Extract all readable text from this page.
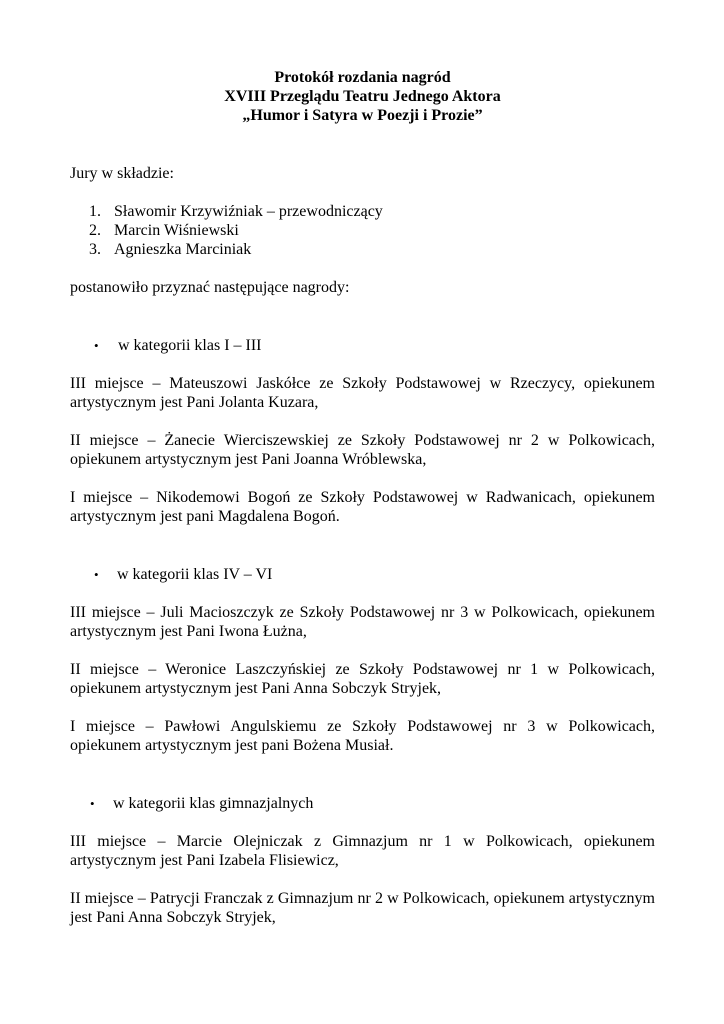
Protokół rozdania nagród
XVIII Przeglądu Teatru Jednego Aktora
„Humor i Satyra w Poezji i Prozie”
Jury w składzie:
1. Sławomir Krzywiźniak – przewodniczący
2. Marcin Wiśniewski
3. Agnieszka Marciniak
postanowiło przyznać następujące nagrody:
• w kategorii klas I – III
III miejsce – Mateuszowi Jaskółce ze Szkoły Podstawowej w Rzeczycy, opiekunem artystycznym jest Pani Jolanta Kuzara,
II miejsce – Żanecie Wierciszewskiej ze Szkoły Podstawowej nr 2 w Polkowicach, opiekunem artystycznym jest Pani Joanna Wróblewska,
I miejsce – Nikodemowi Bogoń ze Szkoły Podstawowej w Radwanicach, opiekunem artystycznym jest pani Magdalena Bogoń.
• w kategorii klas IV – VI
III miejsce – Juli Macioszczyk ze Szkoły Podstawowej nr 3 w Polkowicach, opiekunem artystycznym jest Pani Iwona Łużna,
II miejsce – Weronice Laszczyńskiej ze Szkoły Podstawowej nr 1 w Polkowicach, opiekunem artystycznym jest Pani Anna Sobczyk Stryjek,
I miejsce – Pawłowi Angulskiemu ze Szkoły Podstawowej nr 3 w Polkowicach, opiekunem artystycznym jest pani Bożena Musiał.
• w kategorii klas gimnazjalnych
III miejsce – Marcie Olejniczak z Gimnazjum nr 1 w Polkowicach, opiekunem artystycznym jest Pani Izabela Flisiewicz,
II miejsce – Patrycji Franczak z Gimnazjum nr 2 w Polkowicach, opiekunem artystycznym jest Pani Anna Sobczyk Stryjek,
